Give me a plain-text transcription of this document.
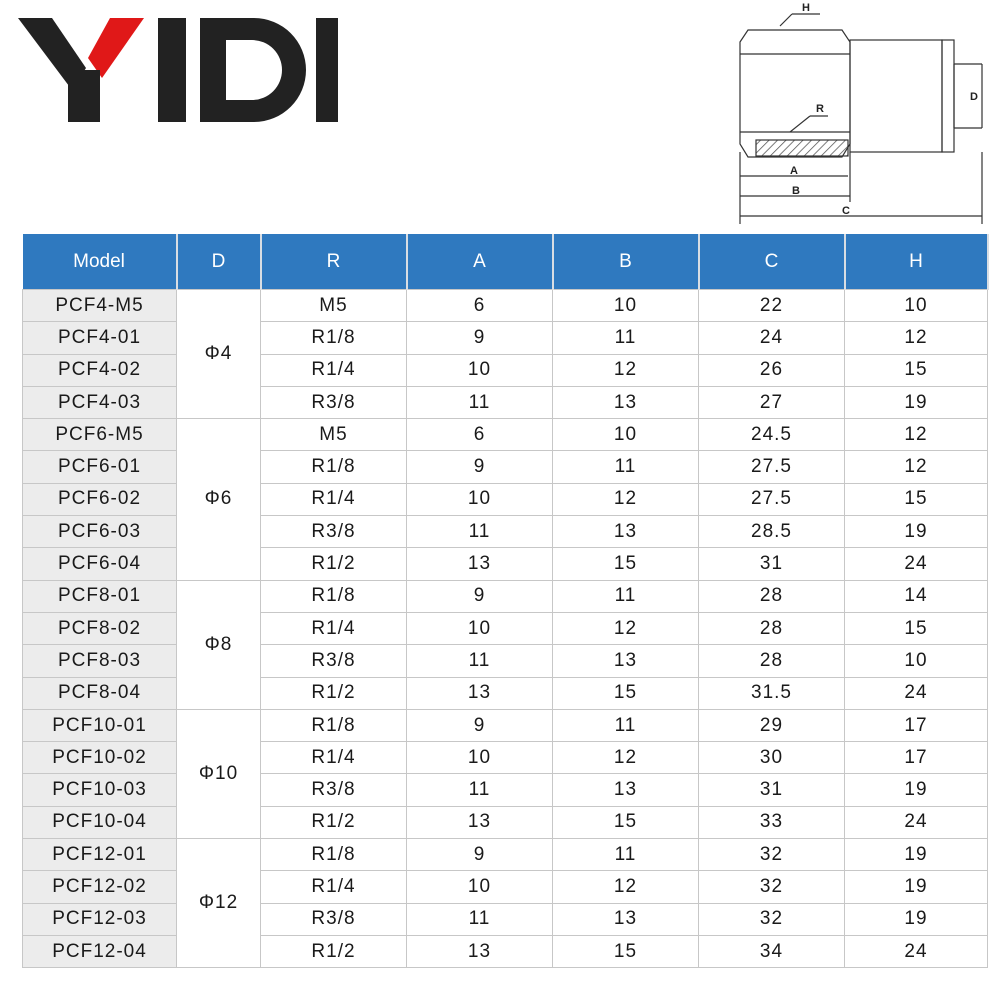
H
R
D
A
B
C
Model	D	R	A	B	C	H
PCF4-M5	Φ4	M5	6	10	22	10
PCF4-01		R1/8	9	11	24	12
PCF4-02		R1/4	10	12	26	15
PCF4-03		R3/8	11	13	27	19
PCF6-M5	Φ6	M5	6	10	24.5	12
PCF6-01		R1/8	9	11	27.5	12
PCF6-02		R1/4	10	12	27.5	15
PCF6-03		R3/8	11	13	28.5	19
PCF6-04		R1/2	13	15	31	24
PCF8-01	Φ8	R1/8	9	11	28	14
PCF8-02		R1/4	10	12	28	15
PCF8-03		R3/8	11	13	28	10
PCF8-04		R1/2	13	15	31.5	24
PCF10-01	Φ10	R1/8	9	11	29	17
PCF10-02		R1/4	10	12	30	17
PCF10-03		R3/8	11	13	31	19
PCF10-04		R1/2	13	15	33	24
PCF12-01	Φ12	R1/8	9	11	32	19
PCF12-02		R1/4	10	12	32	19
PCF12-03		R3/8	11	13	32	19
PCF12-04		R1/2	13	15	34	24
